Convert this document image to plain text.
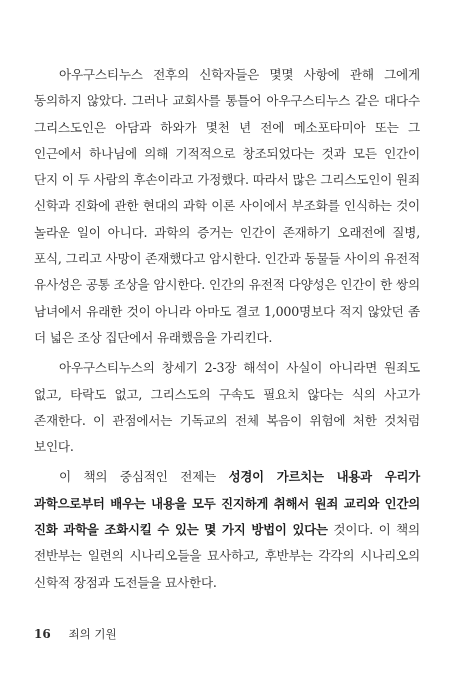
아우구스티누스 전후의 신학자들은 몇몇 사항에 관해 그에게 동의하지 않았다. 그러나 교회사를 통틀어 아우구스티누스 같은 대다수 그리스도인은 아담과 하와가 몇천 년 전에 메소포타미아 또는 그 인근에서 하나님에 의해 기적적으로 창조되었다는 것과 모든 인간이 단지 이 두 사람의 후손이라고 가정했다. 따라서 많은 그리스도인이 원죄 신학과 진화에 관한 현대의 과학 이론 사이에서 부조화를 인식하는 것이 놀라운 일이 아니다. 과학의 증거는 인간이 존재하기 오래전에 질병, 포식, 그리고 사망이 존재했다고 암시한다. 인간과 동물들 사이의 유전적 유사성은 공통 조상을 암시한다. 인간의 유전적 다양성은 인간이 한 쌍의 남녀에서 유래한 것이 아니라 아마도 결코 1,000명보다 적지 않았던 좀 더 넓은 조상 집단에서 유래했음을 가리킨다.

아우구스티누스의 창세기 2-3장 해석이 사실이 아니라면 원죄도 없고, 타락도 없고, 그리스도의 구속도 필요치 않다는 식의 사고가 존재한다. 이 관점에서는 기독교의 전체 복음이 위험에 처한 것처럼 보인다.

이 책의 중심적인 전제는 성경이 가르치는 내용과 우리가 과학으로부터 배우는 내용을 모두 진지하게 취해서 원죄 교리와 인간의 진화 과학을 조화시킬 수 있는 몇 가지 방법이 있다는 것이다. 이 책의 전반부는 일련의 시나리오들을 묘사하고, 후반부는 각각의 시나리오의 신학적 장점과 도전들을 묘사한다.

16 죄의 기원
